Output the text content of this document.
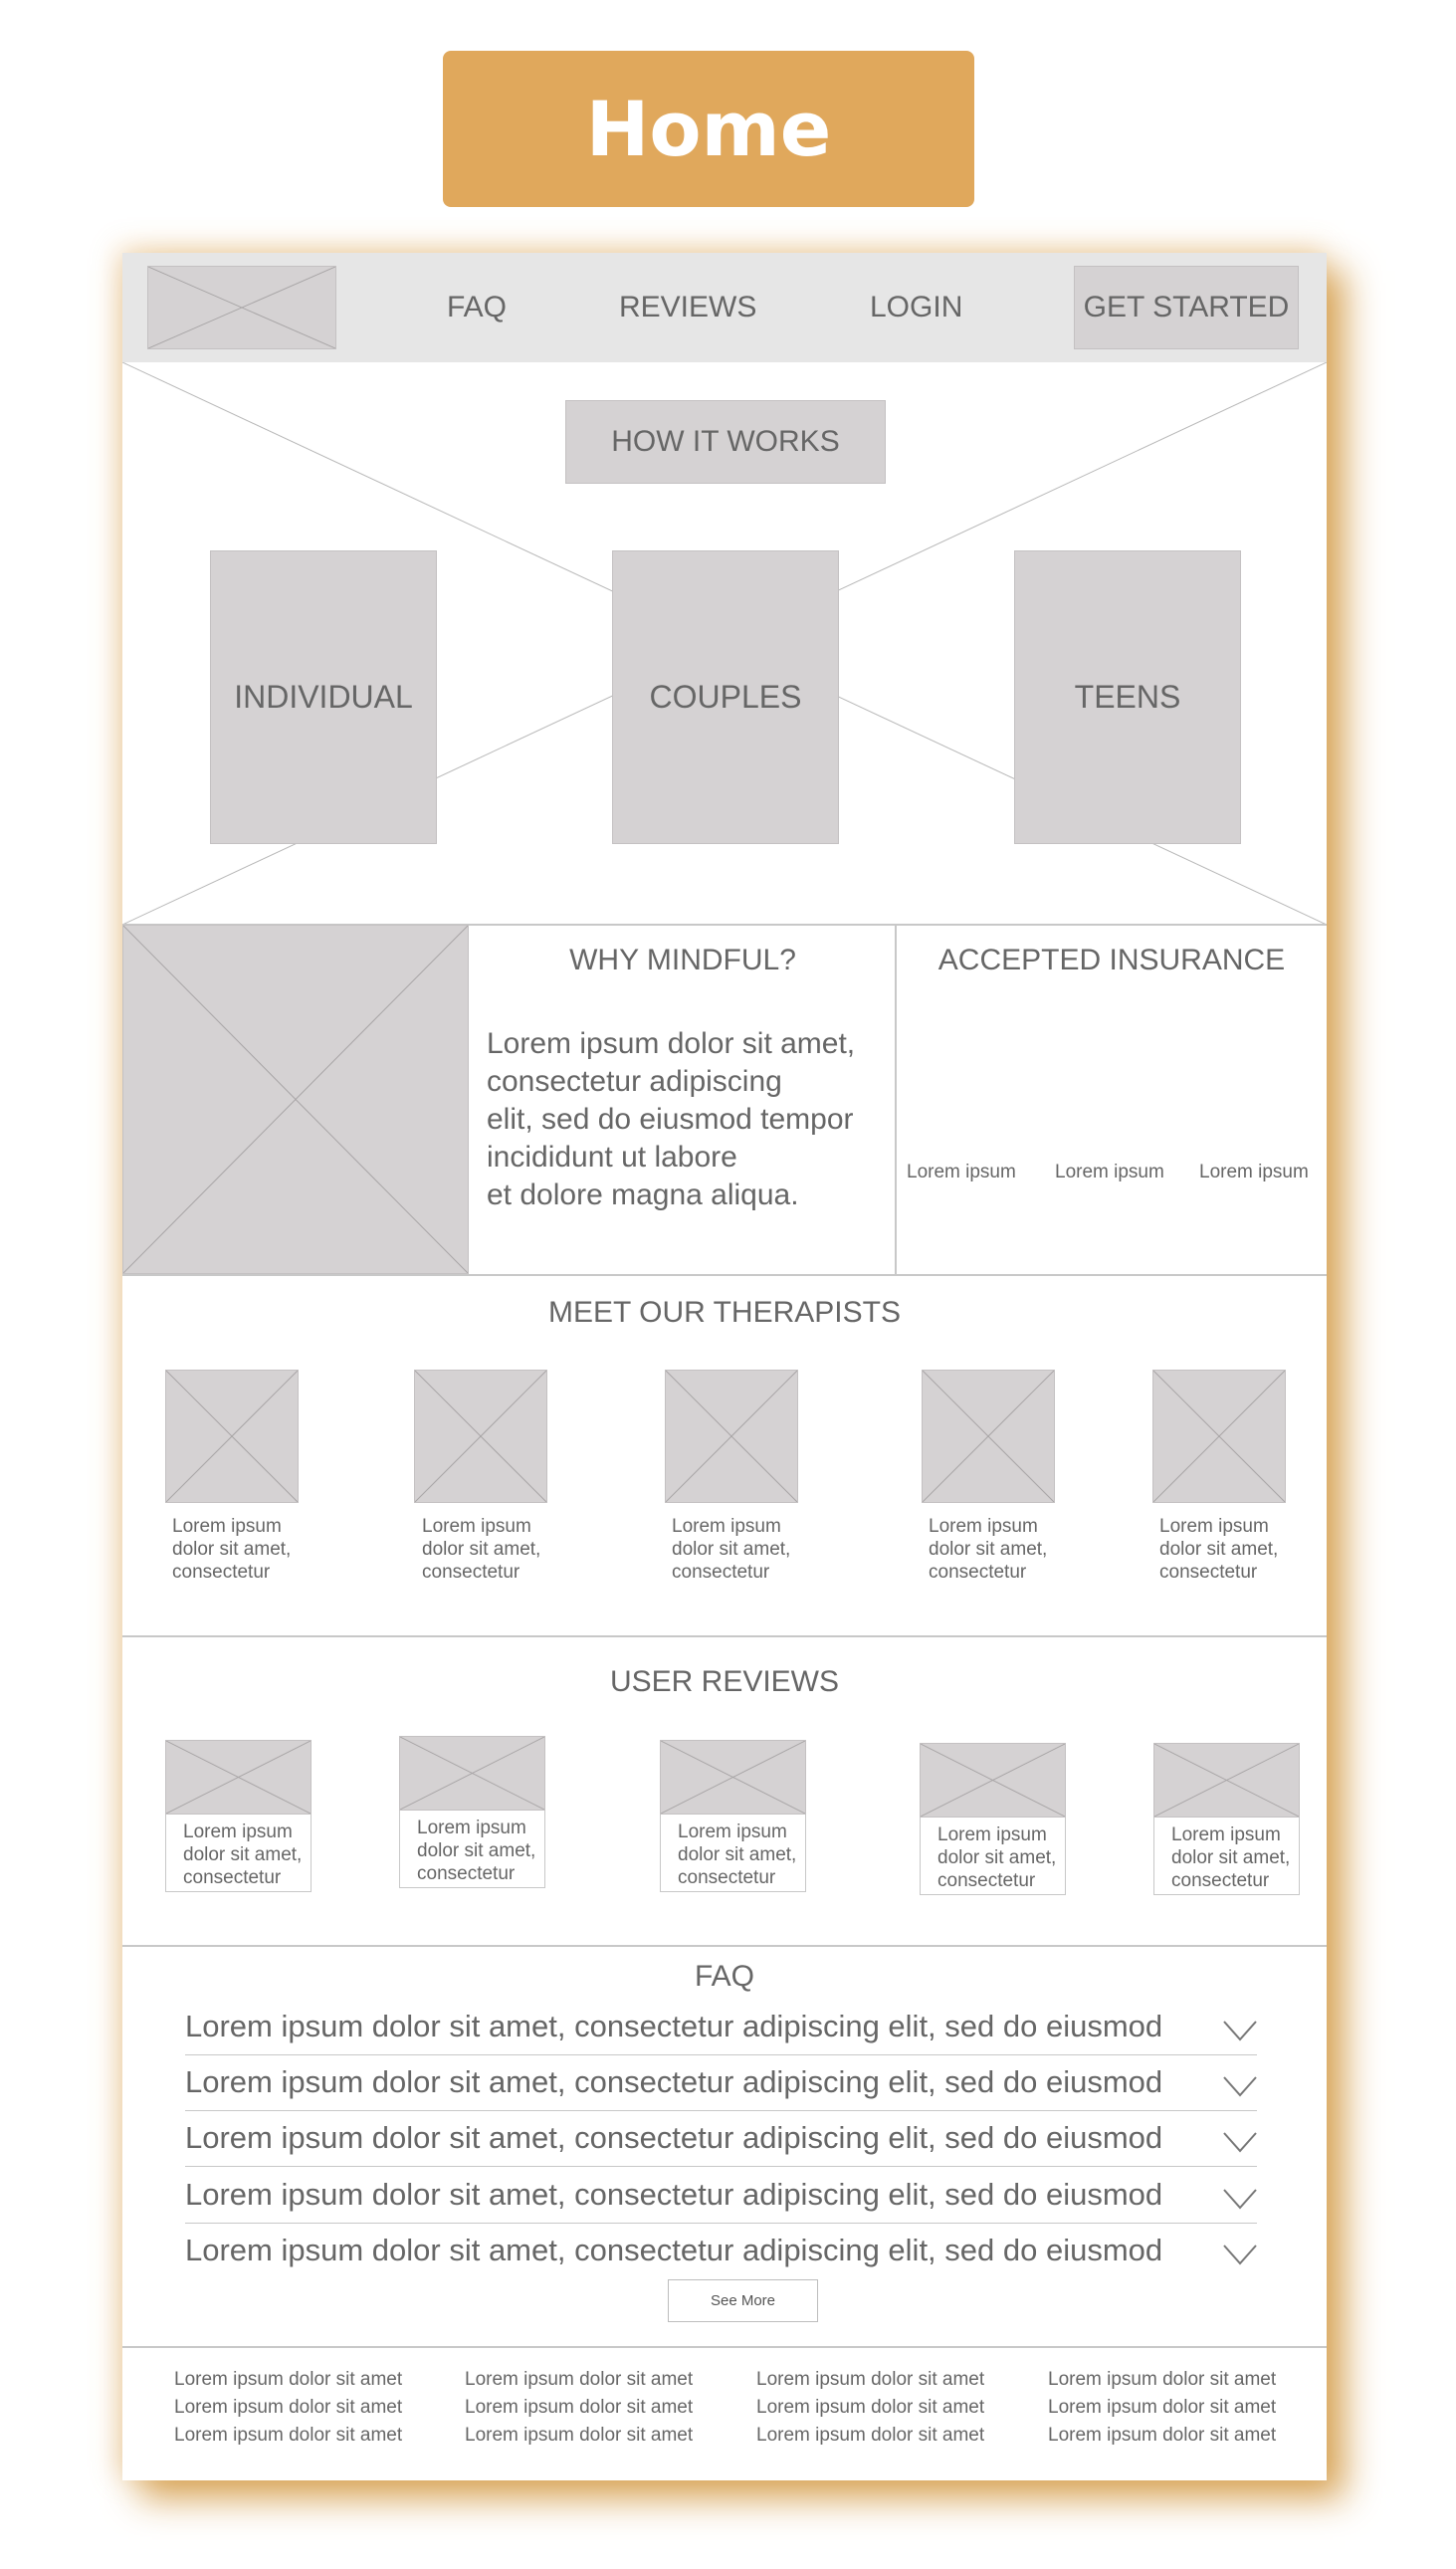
Home
FAQ	REVIEWS	LOGIN	GET STARTED
HOW IT WORKS
INDIVIDUAL	COUPLES	TEENS
WHY MINDFUL?
Lorem ipsum dolor sit amet,
consectetur adipiscing
elit, sed do eiusmod tempor
incididunt ut labore
et dolore magna aliqua.
ACCEPTED INSURANCE
Lorem ipsum Lorem ipsum Lorem ipsum
MEET OUR THERAPISTS
Lorem ipsum
dolor sit amet,
consectetur
Lorem ipsum
dolor sit amet,
consectetur
Lorem ipsum
dolor sit amet,
consectetur
Lorem ipsum
dolor sit amet,
consectetur
Lorem ipsum
dolor sit amet,
consectetur
USER REVIEWS
Lorem ipsum
dolor sit amet,
consectetur
Lorem ipsum
dolor sit amet,
consectetur
Lorem ipsum
dolor sit amet,
consectetur
Lorem ipsum
dolor sit amet,
consectetur
Lorem ipsum
dolor sit amet,
consectetur
FAQ
Lorem ipsum dolor sit amet, consectetur adipiscing elit, sed do eiusmod
Lorem ipsum dolor sit amet, consectetur adipiscing elit, sed do eiusmod
Lorem ipsum dolor sit amet, consectetur adipiscing elit, sed do eiusmod
Lorem ipsum dolor sit amet, consectetur adipiscing elit, sed do eiusmod
Lorem ipsum dolor sit amet, consectetur adipiscing elit, sed do eiusmod
See More
Lorem ipsum dolor sit amet
Lorem ipsum dolor sit amet
Lorem ipsum dolor sit amet
Lorem ipsum dolor sit amet
Lorem ipsum dolor sit amet
Lorem ipsum dolor sit amet
Lorem ipsum dolor sit amet
Lorem ipsum dolor sit amet
Lorem ipsum dolor sit amet
Lorem ipsum dolor sit amet
Lorem ipsum dolor sit amet
Lorem ipsum dolor sit amet
